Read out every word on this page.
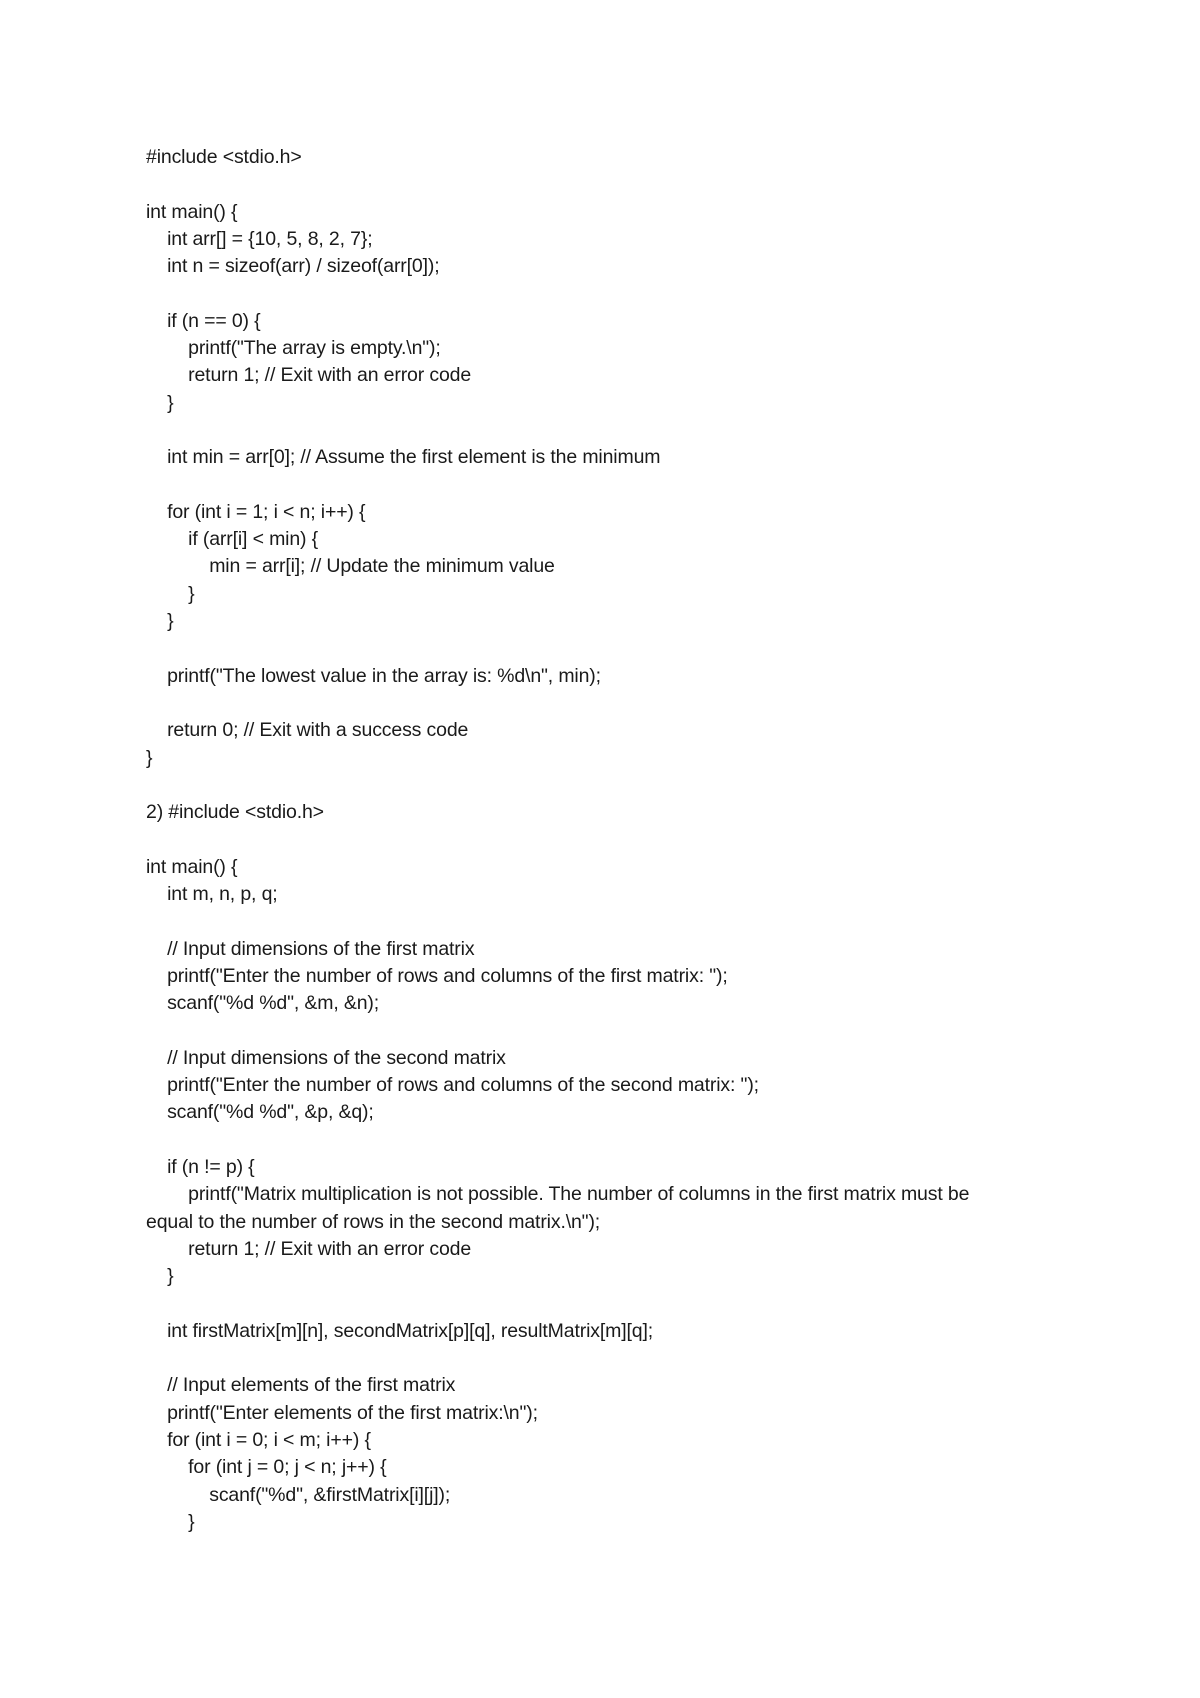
#include <stdio.h>
int main() {
int arr[] = {10, 5, 8, 2, 7};
int n = sizeof(arr) / sizeof(arr[0]);
if (n == 0) {
printf("The array is empty.\n");
return 1; // Exit with an error code
}
int min = arr[0]; // Assume the first element is the minimum
for (int i = 1; i < n; i++) {
if (arr[i] < min) {
min = arr[i]; // Update the minimum value
}
}
printf("The lowest value in the array is: %d\n", min);
return 0; // Exit with a success code
}
2) #include <stdio.h>
int main() {
int m, n, p, q;
// Input dimensions of the first matrix
printf("Enter the number of rows and columns of the first matrix: ");
scanf("%d %d", &m, &n);
// Input dimensions of the second matrix
printf("Enter the number of rows and columns of the second matrix: ");
scanf("%d %d", &p, &q);
if (n != p) {
printf("Matrix multiplication is not possible. The number of columns in the first matrix must be
equal to the number of rows in the second matrix.\n");
return 1; // Exit with an error code
}
int firstMatrix[m][n], secondMatrix[p][q], resultMatrix[m][q];
// Input elements of the first matrix
printf("Enter elements of the first matrix:\n");
for (int i = 0; i < m; i++) {
for (int j = 0; j < n; j++) {
scanf("%d", &firstMatrix[i][j]);
}
